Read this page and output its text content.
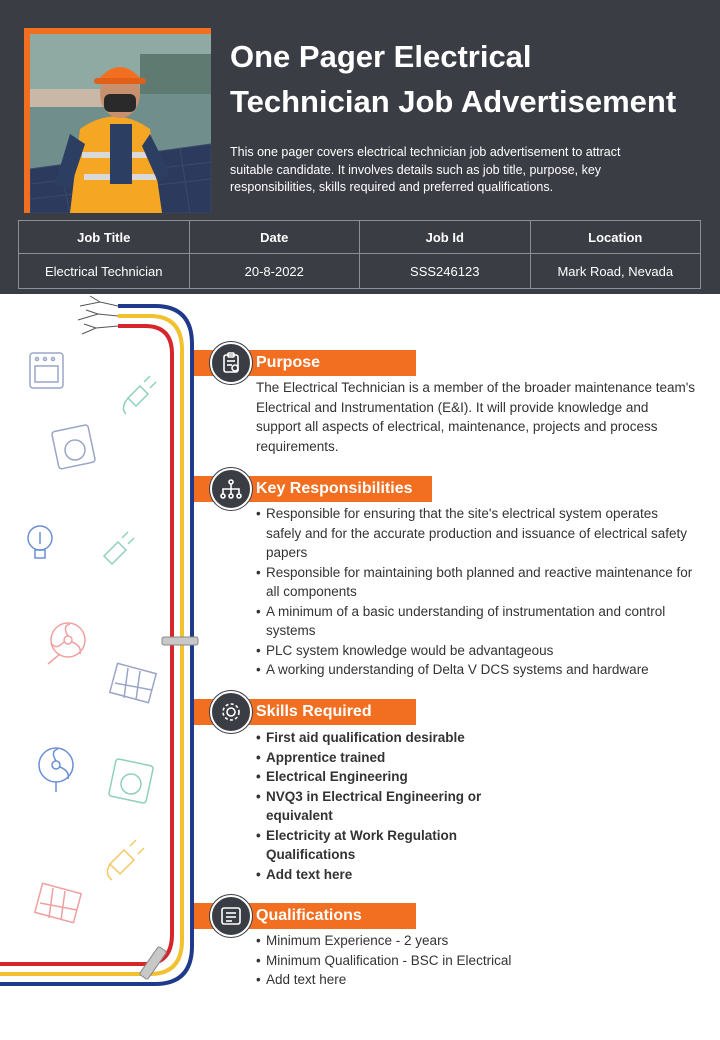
One Pager Electrical
Technician Job Advertisement

This one pager covers electrical technician job advertisement to attract suitable candidate. It involves details such as job title, purpose, key responsibilities, skills required and preferred qualifications.

Job Title	Date	Job Id	Location
Electrical Technician	20-8-2022	SSS246123	Mark Road, Nevada
Purpose

The Electrical Technician is a member of the broader maintenance team's Electrical and Instrumentation (E&I). It will provide knowledge and support all aspects of electrical, maintenance, projects and process requirements.

Key Responsibilities
• Responsible for ensuring that the site's electrical system operates safely and for the accurate production and issuance of electrical safety papers
• Responsible for maintaining both planned and reactive maintenance for all components
• A minimum of a basic understanding of instrumentation and control systems
• PLC system knowledge would be advantageous
• A working understanding of Delta V DCS systems and hardware
Skills Required
• First aid qualification desirable
• Apprentice trained
• Electrical Engineering
• NVQ3 in Electrical Engineering or equivalent
• Electricity at Work Regulation Qualifications
• Add text here
Qualifications
• Minimum Experience - 2 years
• Minimum Qualification - BSC in Electrical
• Add text here
